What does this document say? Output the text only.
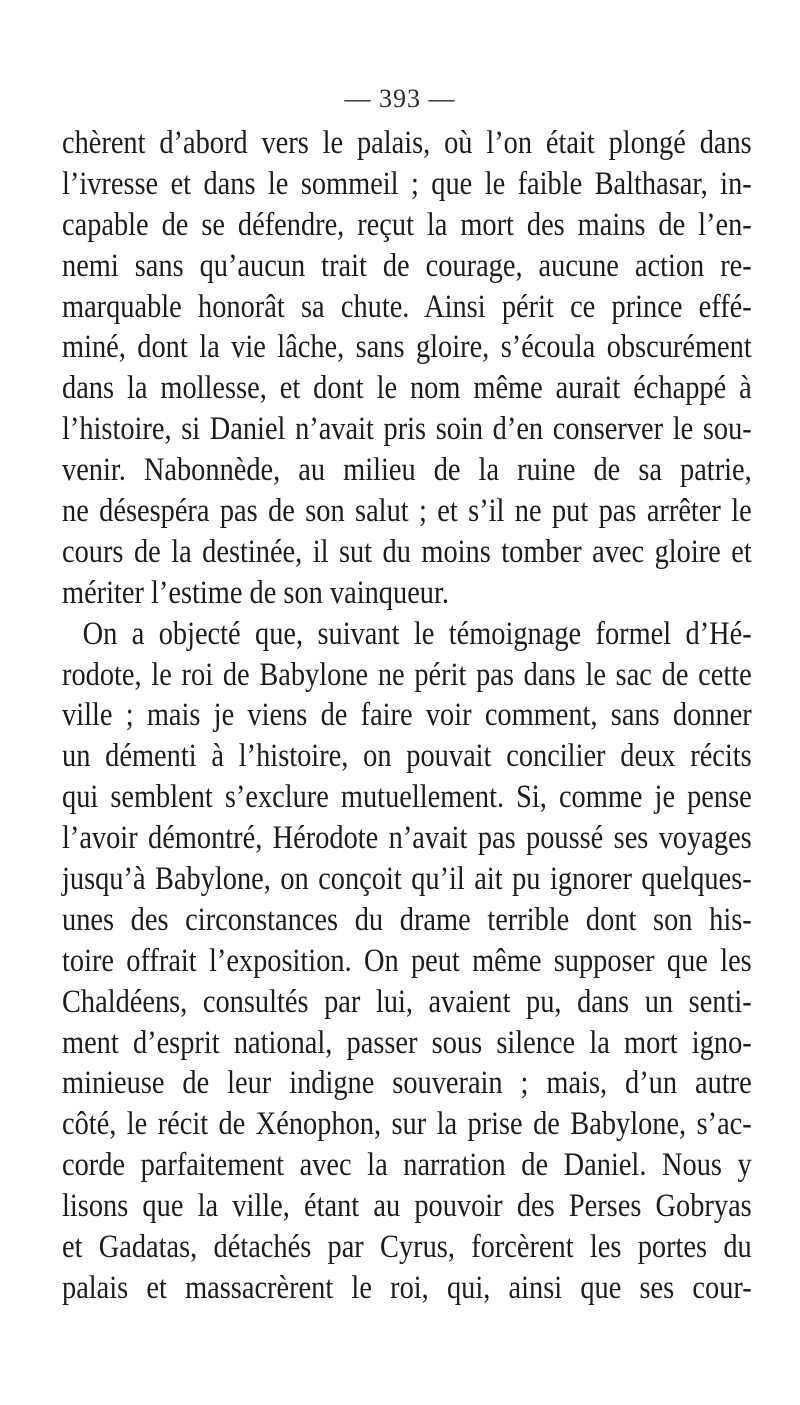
— 393 —
chèrent d’abord vers le palais, où l’on était plongé dans
l’ivresse et dans le sommeil ; que le faible Balthasar, in-
capable de se défendre, reçut la mort des mains de l’en-
nemi sans qu’aucun trait de courage, aucune action re-
marquable honorât sa chute. Ainsi périt ce prince effé-
miné, dont la vie lâche, sans gloire, s’écoula obscurément
dans la mollesse, et dont le nom même aurait échappé à
l’histoire, si Daniel n’avait pris soin d’en conserver le sou-
venir. Nabonnède, au milieu de la ruine de sa patrie,
ne désespéra pas de son salut ; et s’il ne put pas arrêter le
cours de la destinée, il sut du moins tomber avec gloire et
mériter l’estime de son vainqueur.
On a objecté que, suivant le témoignage formel d’Hé-
rodote, le roi de Babylone ne périt pas dans le sac de cette
ville ; mais je viens de faire voir comment, sans donner
un démenti à l’histoire, on pouvait concilier deux récits
qui semblent s’exclure mutuellement. Si, comme je pense
l’avoir démontré, Hérodote n’avait pas poussé ses voyages
jusqu’à Babylone, on conçoit qu’il ait pu ignorer quelques-
unes des circonstances du drame terrible dont son his-
toire offrait l’exposition. On peut même supposer que les
Chaldéens, consultés par lui, avaient pu, dans un senti-
ment d’esprit national, passer sous silence la mort igno-
minieuse de leur indigne souverain ; mais, d’un autre
côté, le récit de Xénophon, sur la prise de Babylone, s’ac-
corde parfaitement avec la narration de Daniel. Nous y
lisons que la ville, étant au pouvoir des Perses Gobryas
et Gadatas, détachés par Cyrus, forcèrent les portes du
palais et massacrèrent le roi, qui, ainsi que ses cour-
